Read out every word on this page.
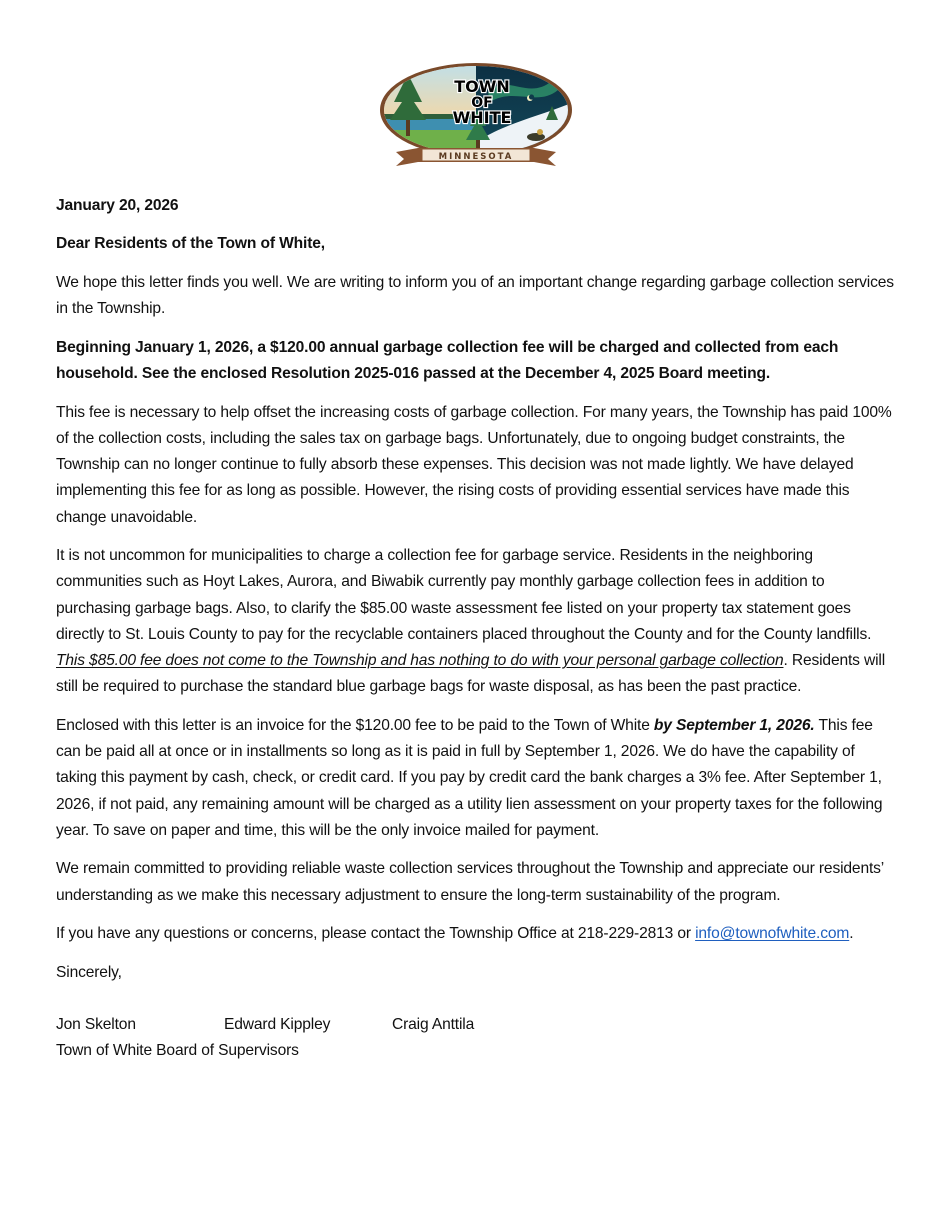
TOWN
OF
WHITE
MINNESOTA

January 20, 2026

Dear Residents of the Town of White,

We hope this letter finds you well. We are writing to inform you of an important change regarding garbage collection services in the Township.

Beginning January 1, 2026, a $120.00 annual garbage collection fee will be charged and collected from each household. See the enclosed Resolution 2025-016 passed at the December 4, 2025 Board meeting.

This fee is necessary to help offset the increasing costs of garbage collection. For many years, the Township has paid 100% of the collection costs, including the sales tax on garbage bags. Unfortunately, due to ongoing budget constraints, the Township can no longer continue to fully absorb these expenses. This decision was not made lightly. We have delayed implementing this fee for as long as possible. However, the rising costs of providing essential services have made this change unavoidable.

It is not uncommon for municipalities to charge a collection fee for garbage service. Residents in the neighboring communities such as Hoyt Lakes, Aurora, and Biwabik currently pay monthly garbage collection fees in addition to purchasing garbage bags. Also, to clarify the $85.00 waste assessment fee listed on your property tax statement goes directly to St. Louis County to pay for the recyclable containers placed throughout the County and for the County landfills. This $85.00 fee does not come to the Township and has nothing to do with your personal garbage collection. Residents will still be required to purchase the standard blue garbage bags for waste disposal, as has been the past practice.

Enclosed with this letter is an invoice for the $120.00 fee to be paid to the Town of White by September 1, 2026. This fee can be paid all at once or in installments so long as it is paid in full by September 1, 2026. We do have the capability of taking this payment by cash, check, or credit card. If you pay by credit card the bank charges a 3% fee. After September 1, 2026, if not paid, any remaining amount will be charged as a utility lien assessment on your property taxes for the following year. To save on paper and time, this will be the only invoice mailed for payment.

We remain committed to providing reliable waste collection services throughout the Township and appreciate our residents’ understanding as we make this necessary adjustment to ensure the long-term sustainability of the program.

If you have any questions or concerns, please contact the Township Office at 218-229-2813 or info@townofwhite.com.

Sincerely,

Jon Skelton	Edward Kippley	Craig Anttila
Town of White Board of Supervisors
